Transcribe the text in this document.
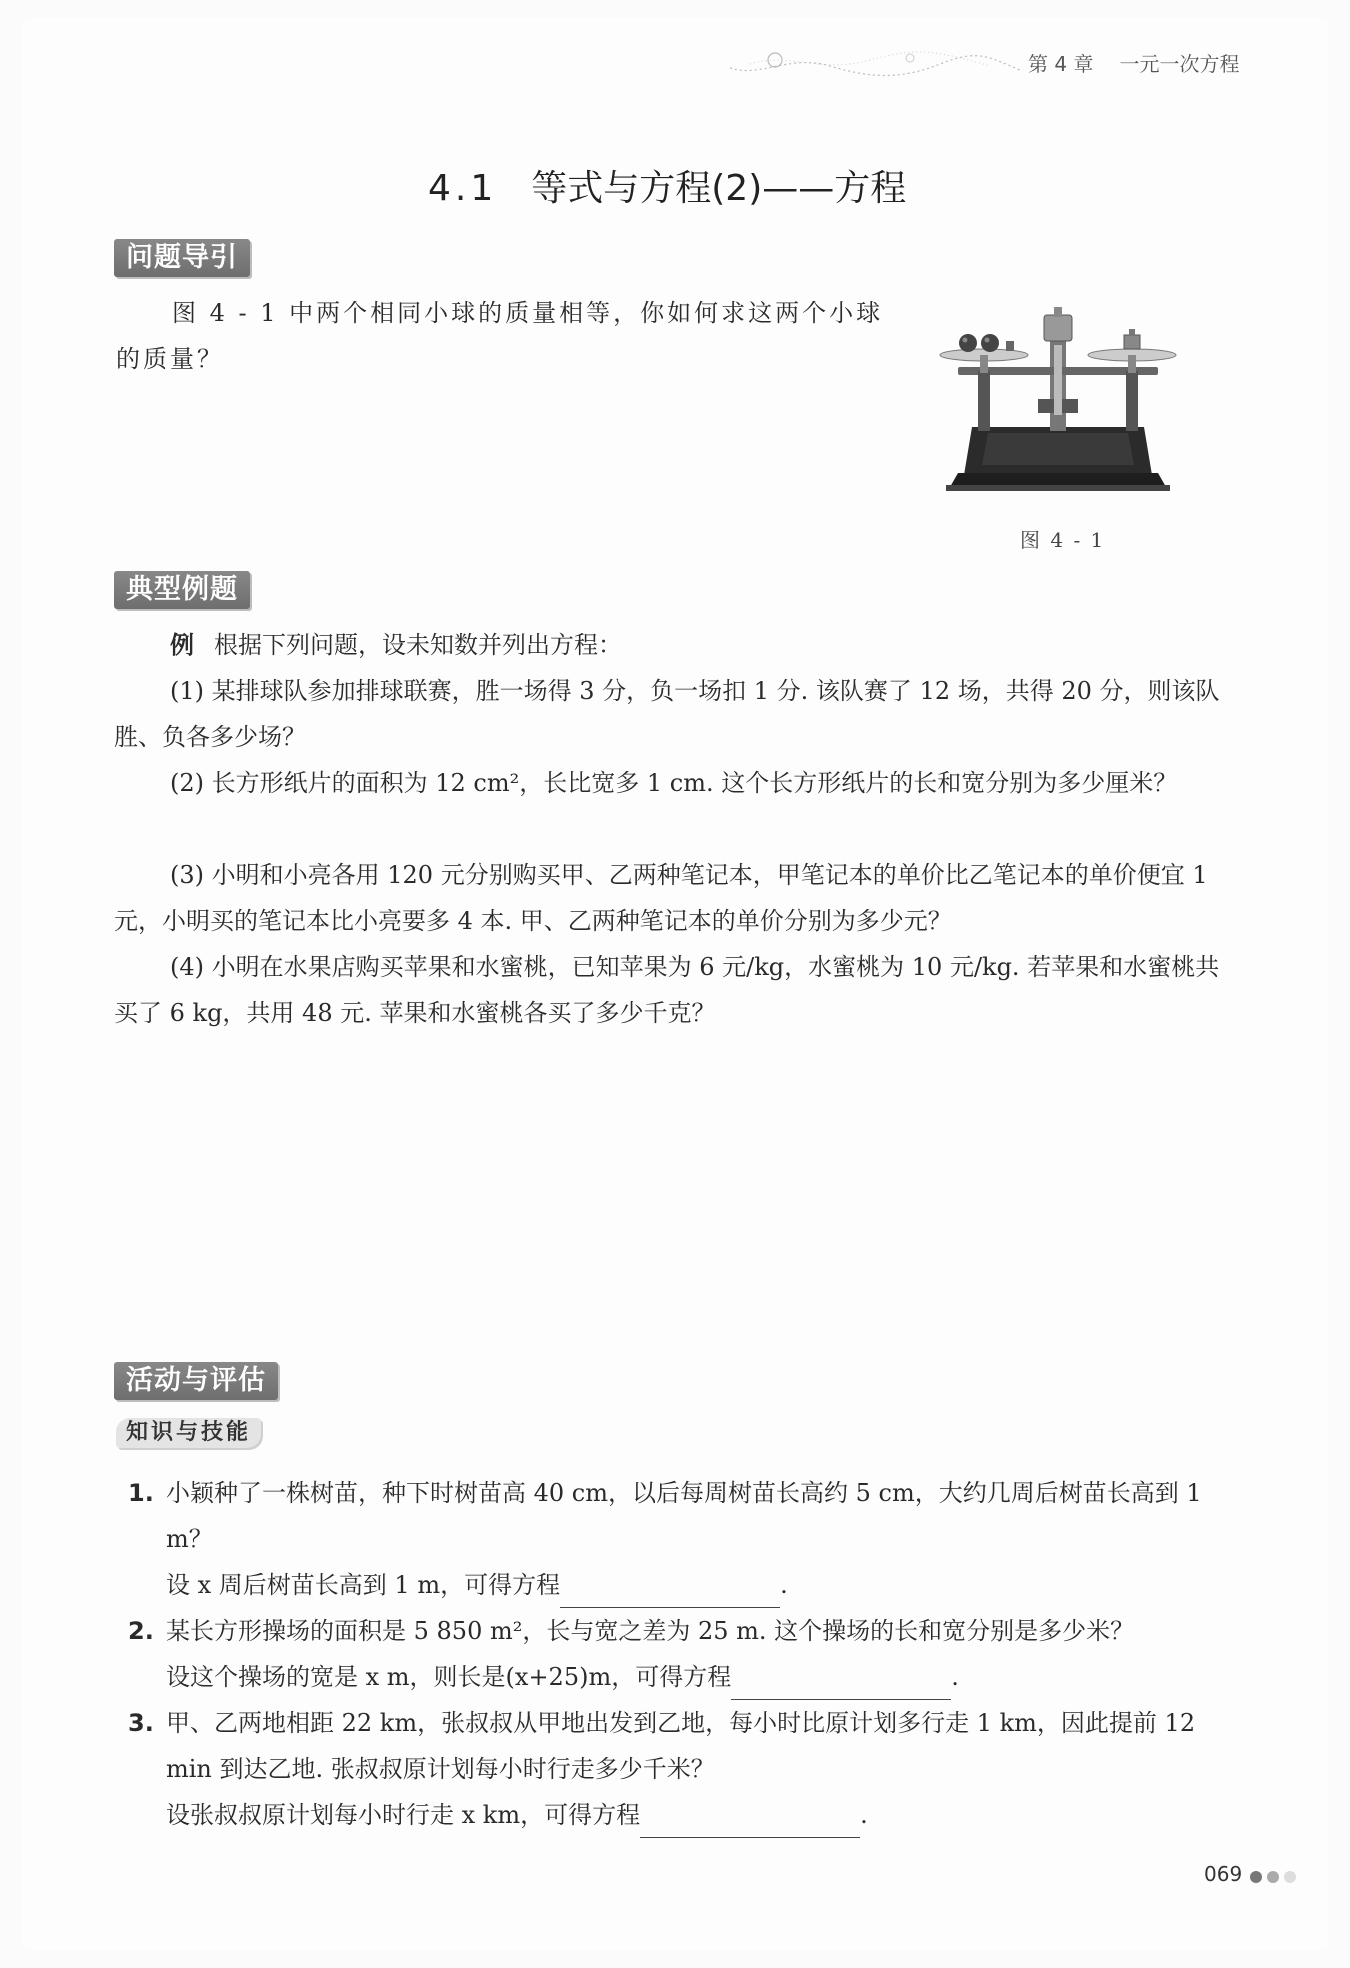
第 4 章 一元一次方程
4.1 等式与方程(2)——方程
问题导引
图 4 - 1 中两个相同小球的质量相等，你如何求这两个小球
的质量？
图 4 - 1
典型例题
例 根据下列问题，设未知数并列出方程：
(1) 某排球队参加排球联赛，胜一场得 3 分，负一场扣 1 分. 该队赛了 12 场，共得 20 分，则该队胜、负各多少场？
(2) 长方形纸片的面积为 12 cm²，长比宽多 1 cm. 这个长方形纸片的长和宽分别为多少厘米？
(3) 小明和小亮各用 120 元分别购买甲、乙两种笔记本，甲笔记本的单价比乙笔记本的单价便宜 1 元，小明买的笔记本比小亮要多 4 本. 甲、乙两种笔记本的单价分别为多少元？
(4) 小明在水果店购买苹果和水蜜桃，已知苹果为 6 元/kg，水蜜桃为 10 元/kg. 若苹果和水蜜桃共买了 6 kg，共用 48 元. 苹果和水蜜桃各买了多少千克？
活动与评估
知识与技能
1. 小颖种了一株树苗，种下时树苗高 40 cm，以后每周树苗长高约 5 cm，大约几周后树苗长高到 1 m？
设 x 周后树苗长高到 1 m，可得方程	.
2. 某长方形操场的面积是 5 850 m²，长与宽之差为 25 m. 这个操场的长和宽分别是多少米？
设这个操场的宽是 x m，则长是(x+25)m，可得方程	.
3. 甲、乙两地相距 22 km，张叔叔从甲地出发到乙地，每小时比原计划多行走 1 km，因此提前 12 min 到达乙地. 张叔叔原计划每小时行走多少千米？
设张叔叔原计划每小时行走 x km，可得方程	.
069
